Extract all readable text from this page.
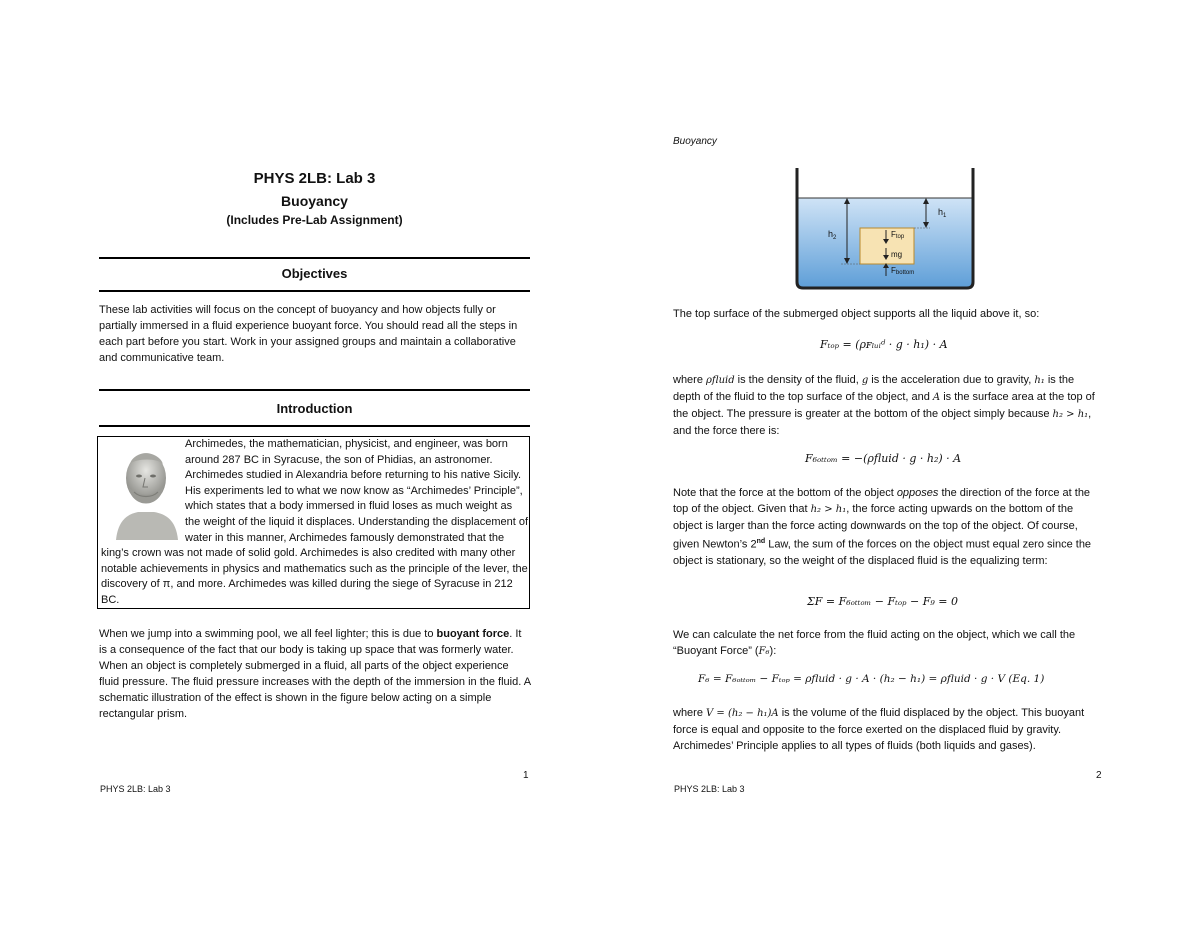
PHYS 2LB: Lab 3
Buoyancy
(Includes Pre-Lab Assignment)
Objectives
These lab activities will focus on the concept of buoyancy and how objects fully or partially immersed in a fluid experience buoyant force. You should read all the steps in each part before you start. Work in your assigned groups and maintain a collaborative and communicative team.
Introduction
Archimedes, the mathematician, physicist, and engineer, was born around 287 BC in Syracuse, the son of Phidias, an astronomer. Archimedes studied in Alexandria before returning to his native Sicily. His experiments led to what we now know as “Archimedes’ Principle”, which states that a body immersed in fluid loses as much weight as the weight of the liquid it displaces. Understanding the displacement of water in this manner, Archimedes famously demonstrated that the king’s crown was not made of solid gold. Archimedes is also credited with many other notable achievements in physics and mathematics such as the principle of the lever, the discovery of π, and more. Archimedes was killed during the siege of Syracuse in 212 BC.
When we jump into a swimming pool, we all feel lighter; this is due to buoyant force. It is a consequence of the fact that our body is taking up space that was formerly water. When an object is completely submerged in a fluid, all parts of the object experience fluid pressure. The fluid pressure increases with the depth of the immersion in the fluid. A schematic illustration of the effect is shown in the figure below acting on a simple rectangular prism.
1
PHYS 2LB: Lab 3
Buoyancy
$h_1$
$h_2$	Ftop
mg
Fbottom
The top surface of the submerged object supports all the liquid above it, so:
Fₜₒₚ = (ρꜰₗᵤᵢᵈ · g · h₁) · A
where ρfluid is the density of the fluid, g is the acceleration due to gravity, h₁ is the depth of the fluid to the top surface of the object, and A is the surface area at the top of the object. The pressure is greater at the bottom of the object simply because h₂ > h₁, and the force there is:
F₆ₒₜₜₒₘ = −(ρfluid · g · h₂) · A
Note that the force at the bottom of the object opposes the direction of the force at the top of the object. Given that h₂ > h₁, the force acting upwards on the bottom of the object is larger than the force acting downwards on the top of the object. Of course, given Newton’s 2nd Law, the sum of the forces on the object must equal zero since the object is stationary, so the weight of the displaced fluid is the equalizing term:
ΣF = F₆ₒₜₜₒₘ − Fₜₒₚ − F₉ = 0
We can calculate the net force from the fluid acting on the object, which we call the “Buoyant Force” (F₆):
F₆ = F₆ₒₜₜₒₘ − Fₜₒₚ = ρfluid · g · A · (h₂ − h₁) = ρfluid · g · V (Eq. 1)
where V = (h₂ − h₁)A is the volume of the fluid displaced by the object. This buoyant force is equal and opposite to the force exerted on the displaced fluid by gravity. Archimedes’ Principle applies to all types of fluids (both liquids and gases).
2
PHYS 2LB: Lab 3
